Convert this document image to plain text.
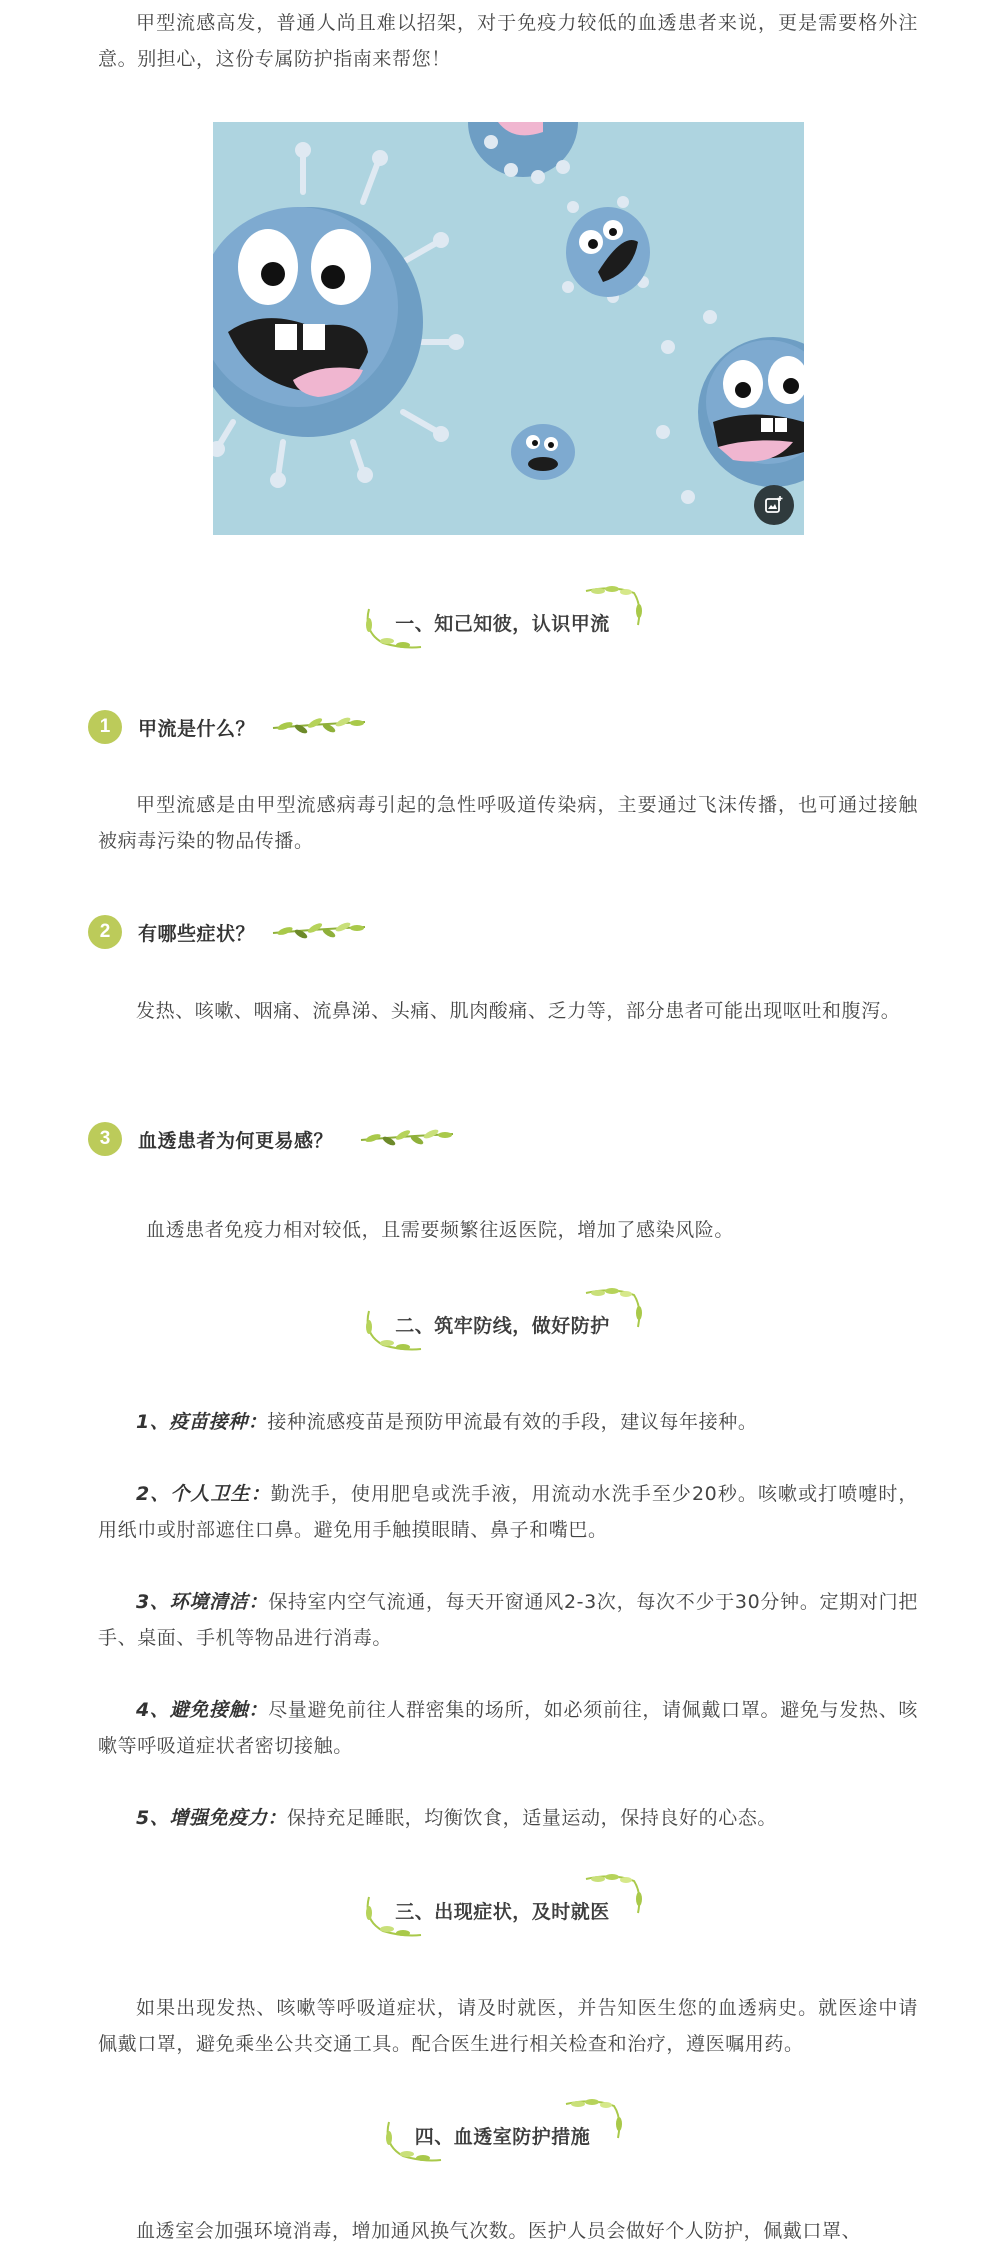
甲型流感高发，普通人尚且难以招架，对于免疫力较低的血透患者来说，更是需要格外注意。别担心，这份专属防护指南来帮您！

一、知己知彼，认识甲流
1	甲流是什么？

甲型流感是由甲型流感病毒引起的急性呼吸道传染病，主要通过飞沫传播，也可通过接触被病毒污染的物品传播。

2	有哪些症状？

发热、咳嗽、咽痛、流鼻涕、头痛、肌肉酸痛、乏力等，部分患者可能出现呕吐和腹泻。

3	血透患者为何更易感？

血透患者免疫力相对较低，且需要频繁往返医院，增加了感染风险。

二、筑牢防线，做好防护

1、疫苗接种：接种流感疫苗是预防甲流最有效的手段，建议每年接种。

2、个人卫生：勤洗手，使用肥皂或洗手液，用流动水洗手至少20秒。咳嗽或打喷嚏时，用纸巾或肘部遮住口鼻。避免用手触摸眼睛、鼻子和嘴巴。

3、环境清洁：保持室内空气流通，每天开窗通风2-3次，每次不少于30分钟。定期对门把手、桌面、手机等物品进行消毒。

4、避免接触：尽量避免前往人群密集的场所，如必须前往，请佩戴口罩。避免与发热、咳嗽等呼吸道症状者密切接触。

5、增强免疫力：保持充足睡眠，均衡饮食，适量运动，保持良好的心态。

三、出现症状，及时就医

如果出现发热、咳嗽等呼吸道症状，请及时就医，并告知医生您的血透病史。就医途中请佩戴口罩，避免乘坐公共交通工具。配合医生进行相关检查和治疗，遵医嘱用药。

四、血透室防护措施

血透室会加强环境消毒，增加通风换气次数。医护人员会做好个人防护，佩戴口罩、
